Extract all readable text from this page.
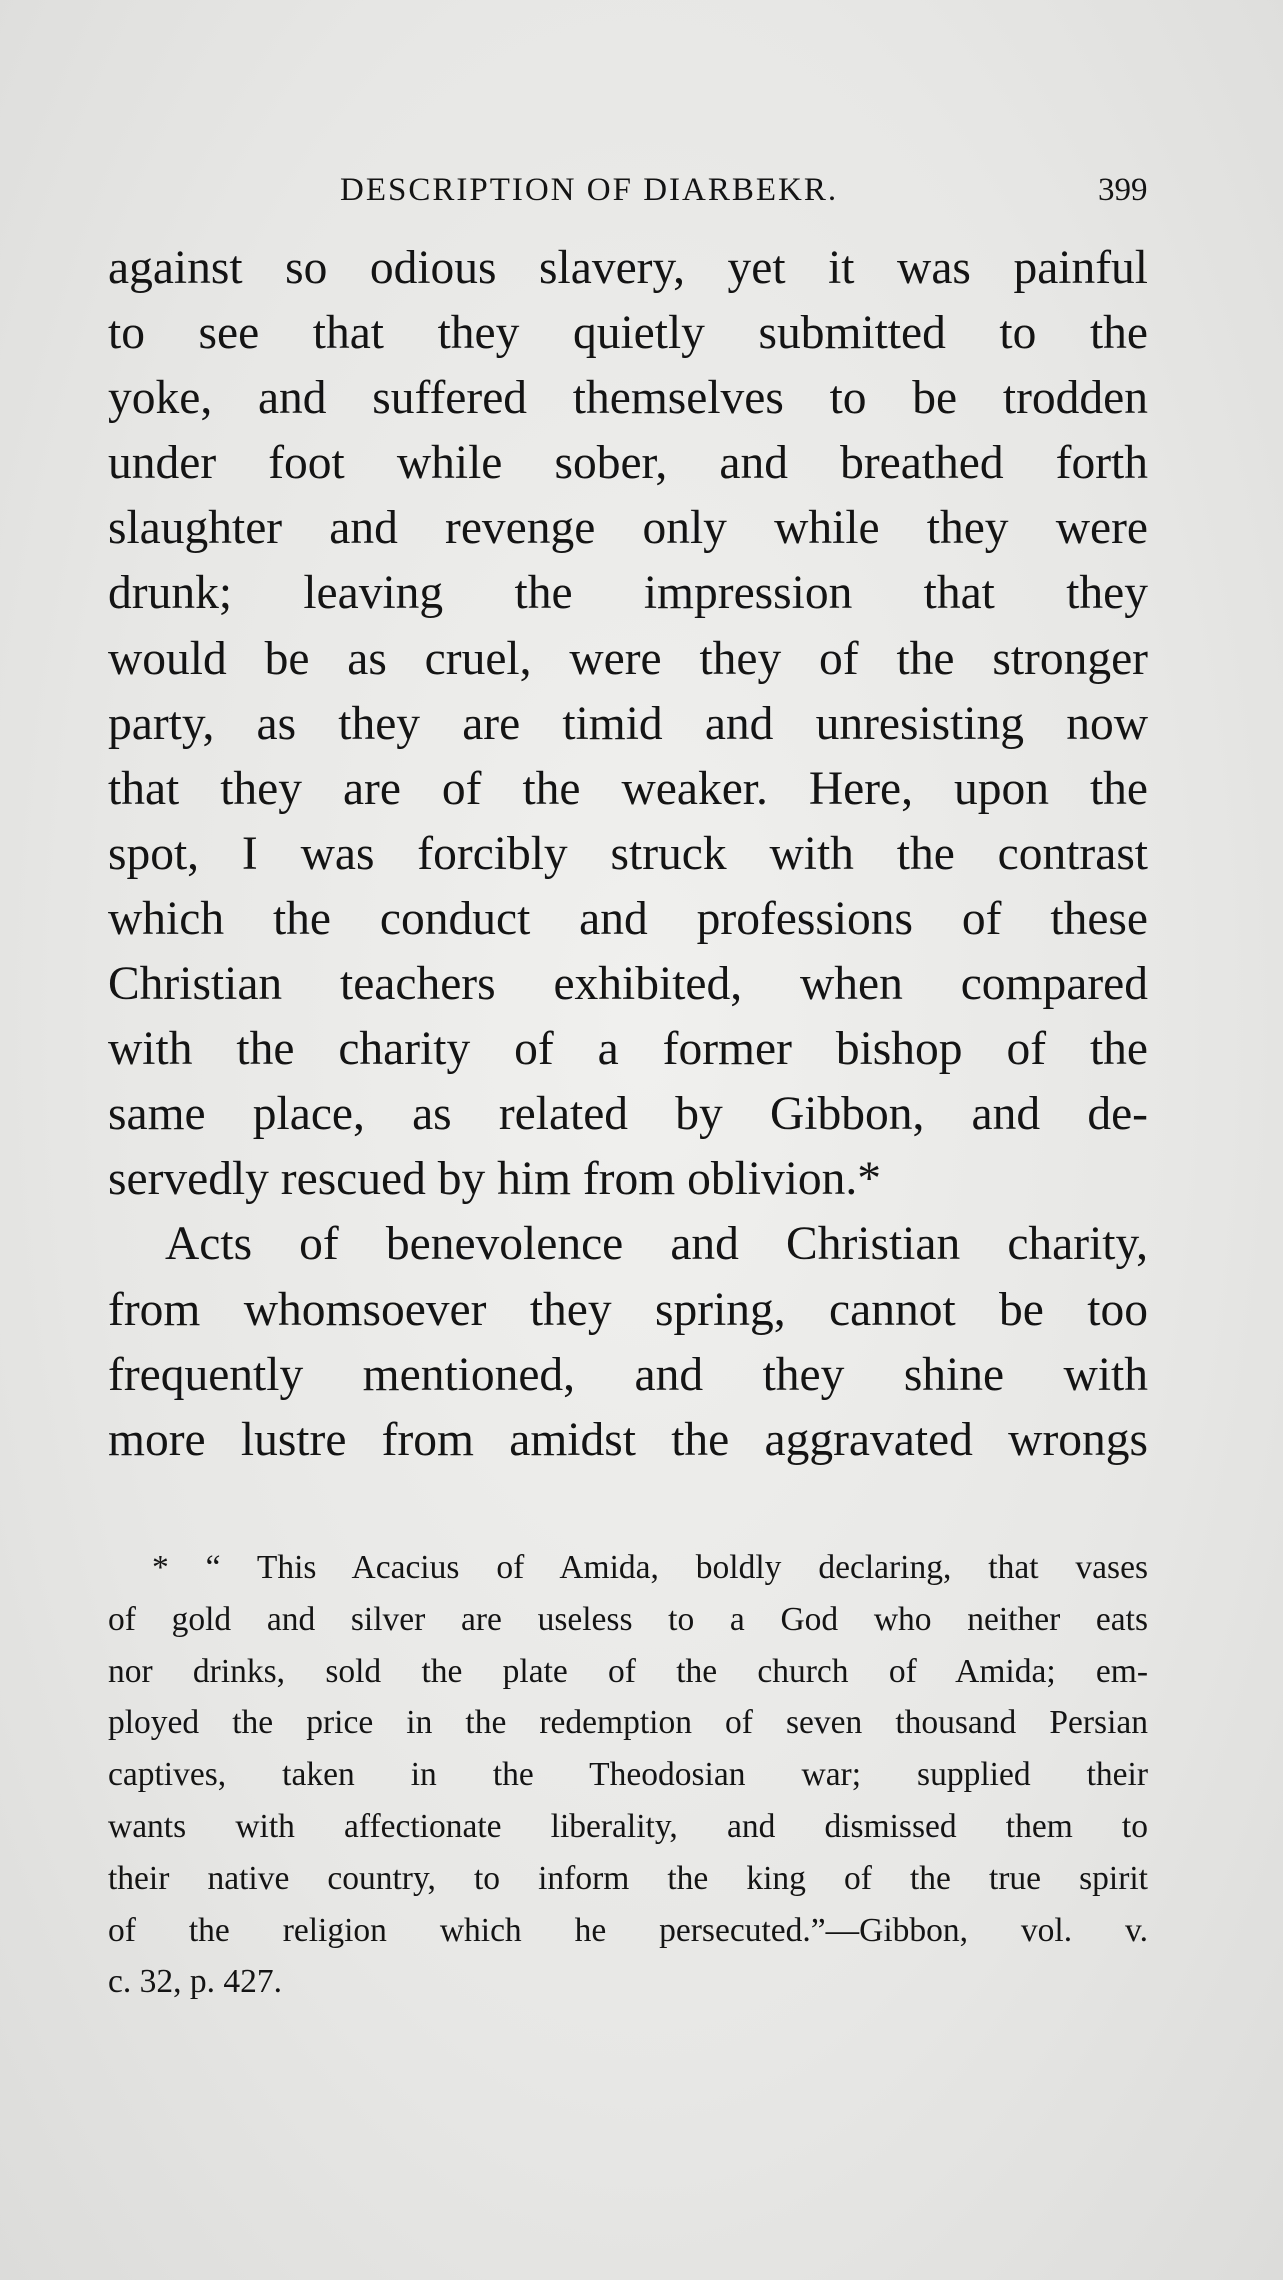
DESCRIPTION OF DIARBEKR.	399
against so odious slavery, yet it was painful
to see that they quietly submitted to the
yoke, and suffered themselves to be trodden
under foot while sober, and breathed forth
slaughter and revenge only while they were
drunk; leaving the impression that they
would be as cruel, were they of the stronger
party, as they are timid and unresisting now
that they are of the weaker. Here, upon the
spot, I was forcibly struck with the contrast
which the conduct and professions of these
Christian teachers exhibited, when compared
with the charity of a former bishop of the
same place, as related by Gibbon, and de-
servedly rescued by him from oblivion.*
Acts of benevolence and Christian charity,
from whomsoever they spring, cannot be too
frequently mentioned, and they shine with
more lustre from amidst the aggravated wrongs
* “ This Acacius of Amida, boldly declaring, that vases
of gold and silver are useless to a God who neither eats
nor drinks, sold the plate of the church of Amida; em-
ployed the price in the redemption of seven thousand Persian
captives, taken in the Theodosian war; supplied their
wants with affectionate liberality, and dismissed them to
their native country, to inform the king of the true spirit
of the religion which he persecuted.”—Gibbon, vol. v.
c. 32, p. 427.
